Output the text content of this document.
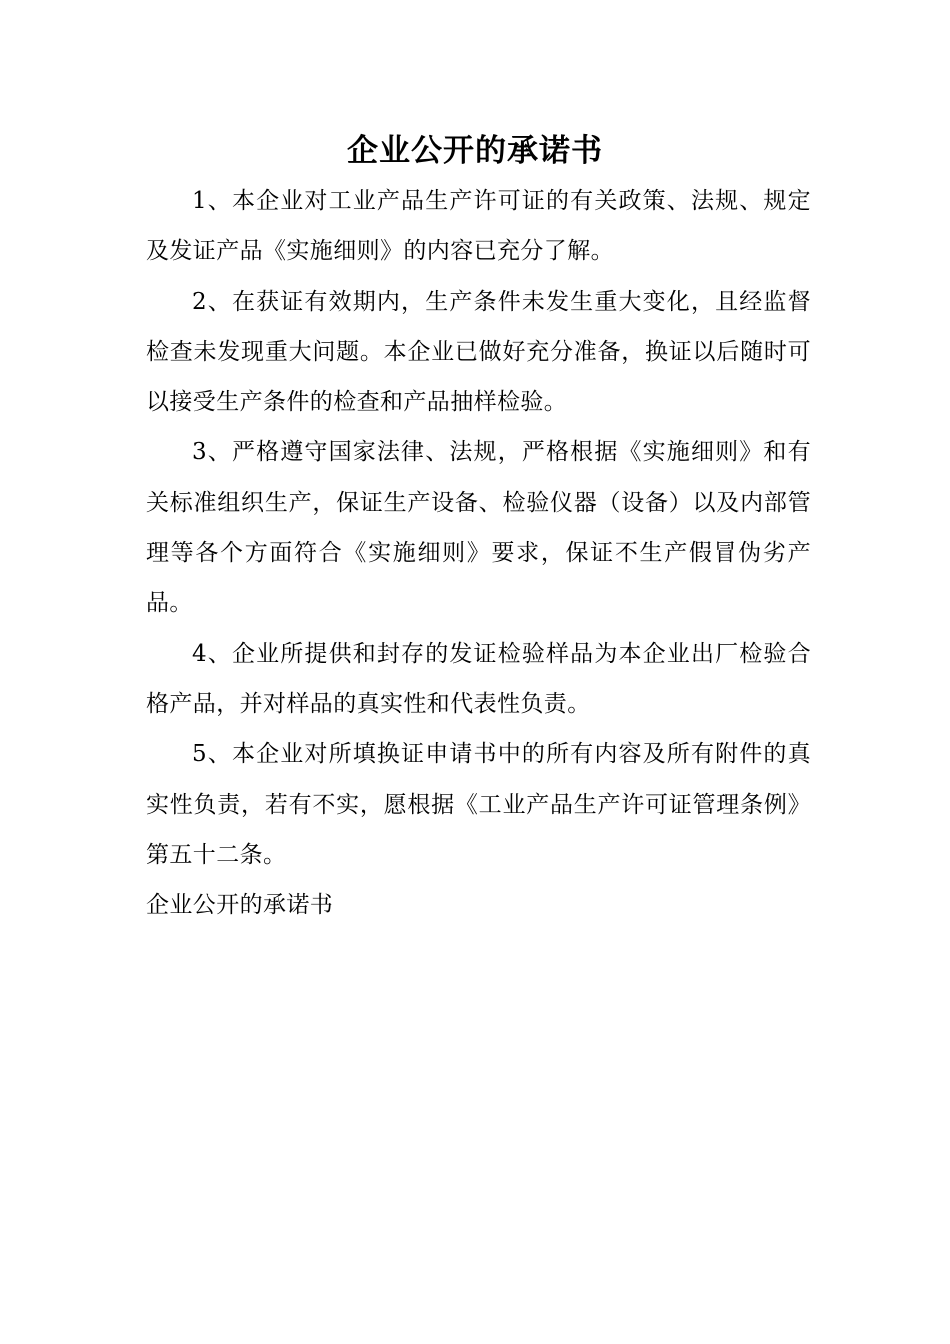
企业公开的承诺书

1、本企业对工业产品生产许可证的有关政策、法规、规定及发证产品《实施细则》的内容已充分了解。

2、在获证有效期内，生产条件未发生重大变化，且经监督检查未发现重大问题。本企业已做好充分准备，换证以后随时可以接受生产条件的检查和产品抽样检验。

3、严格遵守国家法律、法规，严格根据《实施细则》和有关标准组织生产，保证生产设备、检验仪器（设备）以及内部管理等各个方面符合《实施细则》要求，保证不生产假冒伪劣产品。

4、企业所提供和封存的发证检验样品为本企业出厂检验合格产品，并对样品的真实性和代表性负责。

5、本企业对所填换证申请书中的所有内容及所有附件的真实性负责，若有不实，愿根据《工业产品生产许可证管理条例》第五十二条。

企业公开的承诺书
